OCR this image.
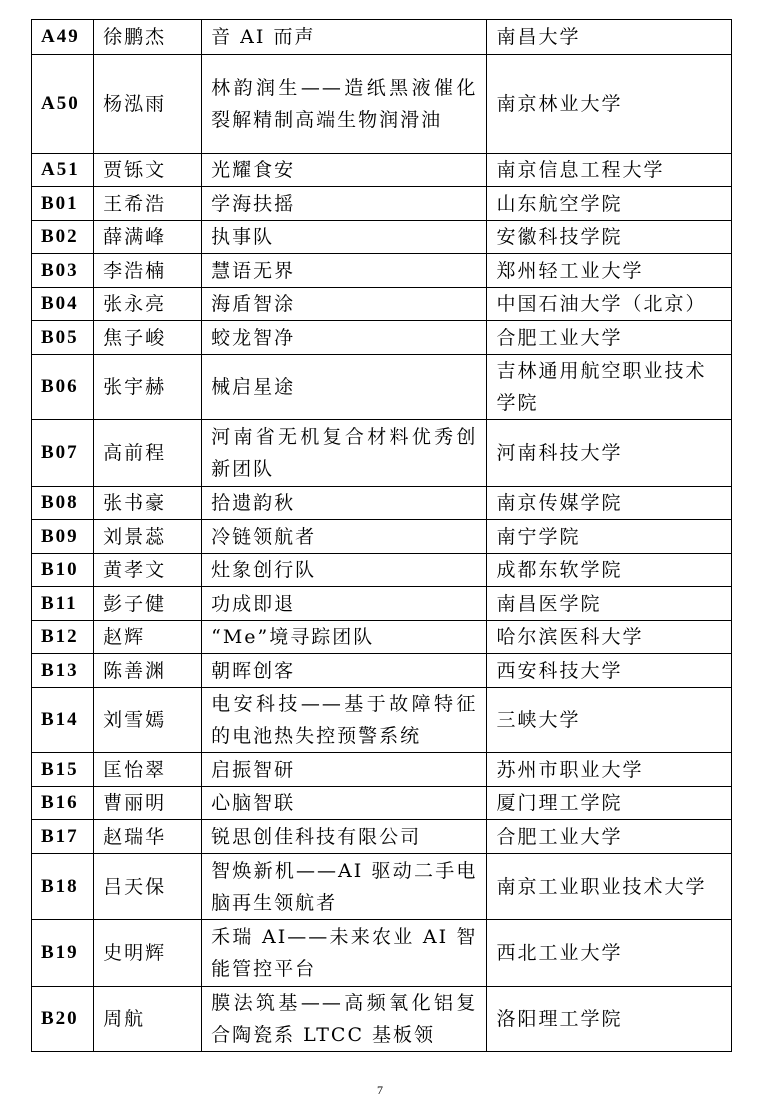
A49	徐鹏杰	音 AI 而声	南昌大学
A50	杨泓雨	林韵润生——造纸黑液催化裂解精制高端生物润滑油	南京林业大学
A51	贾铄文	光耀食安	南京信息工程大学
B01	王希浩	学海扶摇	山东航空学院
B02	薛满峰	执事队	安徽科技学院
B03	李浩楠	慧语无界	郑州轻工业大学
B04	张永亮	海盾智涂	中国石油大学（北京）
B05	焦子峻	蛟龙智净	合肥工业大学
B06	张宇赫	械启星途	吉林通用航空职业技术学院
B07	高前程	河南省无机复合材料优秀创新团队	河南科技大学
B08	张书豪	拾遗韵秋	南京传媒学院
B09	刘景蕊	冷链领航者	南宁学院
B10	黄孝文	灶象创行队	成都东软学院
B11	彭子健	功成即退	南昌医学院
B12	赵辉	“Me”境寻踪团队	哈尔滨医科大学
B13	陈善渊	朝晖创客	西安科技大学
B14	刘雪嫣	电安科技——基于故障特征的电池热失控预警系统	三峡大学
B15	匡怡翠	启振智研	苏州市职业大学
B16	曹丽明	心脑智联	厦门理工学院
B17	赵瑞华	锐思创佳科技有限公司	合肥工业大学
B18	吕天保	智焕新机——AI 驱动二手电脑再生领航者	南京工业职业技术大学
B19	史明辉	禾瑞 AI——未来农业 AI 智能管控平台	西北工业大学
B20	周航	膜法筑基——高频氧化铝复合陶瓷系 LTCC 基板领	洛阳理工学院
7
